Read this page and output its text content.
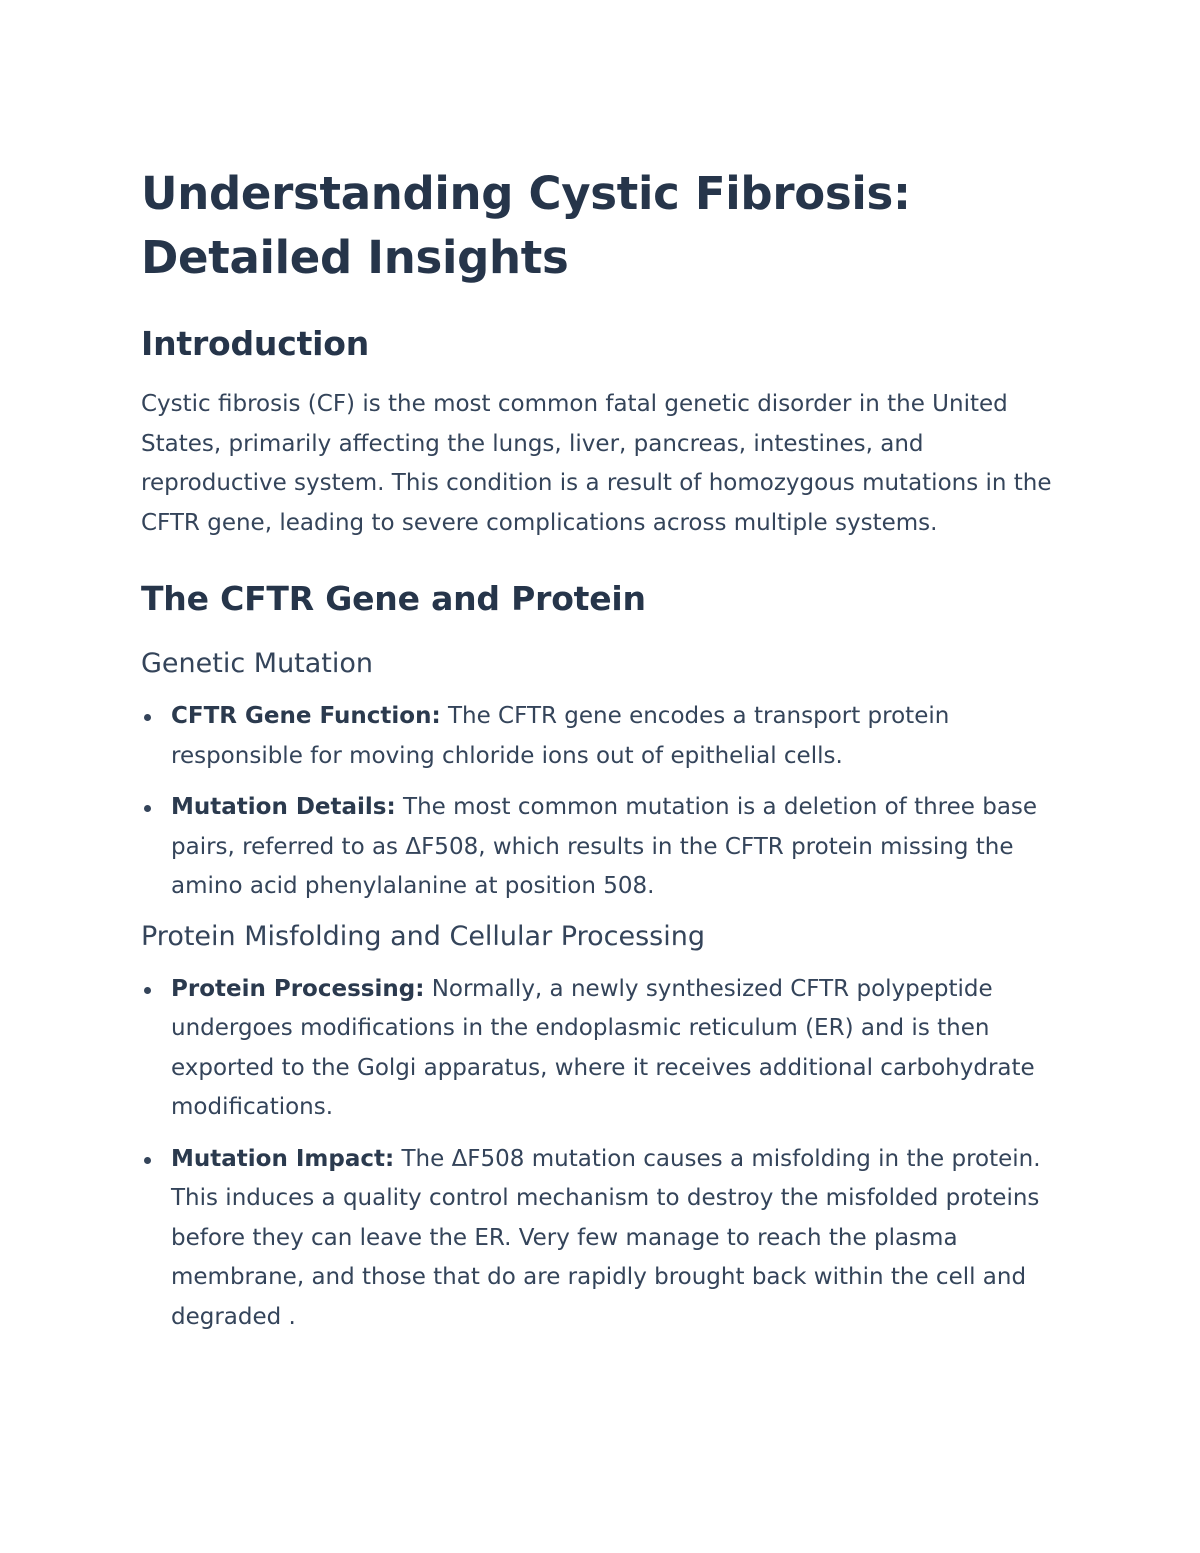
Understanding Cystic Fibrosis: Detailed Insights
Introduction

Cystic fibrosis (CF) is the most common fatal genetic disorder in the United States, primarily affecting the lungs, liver, pancreas, intestines, and reproductive system. This condition is a result of homozygous mutations in the CFTR gene, leading to severe complications across multiple systems.

The CFTR Gene and Protein
Genetic Mutation
CFTR Gene Function: The CFTR gene encodes a transport protein responsible for moving chloride ions out of epithelial cells.
Mutation Details: The most common mutation is a deletion of three base pairs, referred to as ΔF508, which results in the CFTR protein missing the amino acid phenylalanine at position 508.
Protein Misfolding and Cellular Processing
Protein Processing: Normally, a newly synthesized CFTR polypeptide undergoes modifications in the endoplasmic reticulum (ER) and is then exported to the Golgi apparatus, where it receives additional carbohydrate modifications.
Mutation Impact: The ΔF508 mutation causes a misfolding in the protein. This induces a quality control mechanism to destroy the misfolded proteins before they can leave the ER. Very few manage to reach the plasma membrane, and those that do are rapidly brought back within the cell and degraded .
